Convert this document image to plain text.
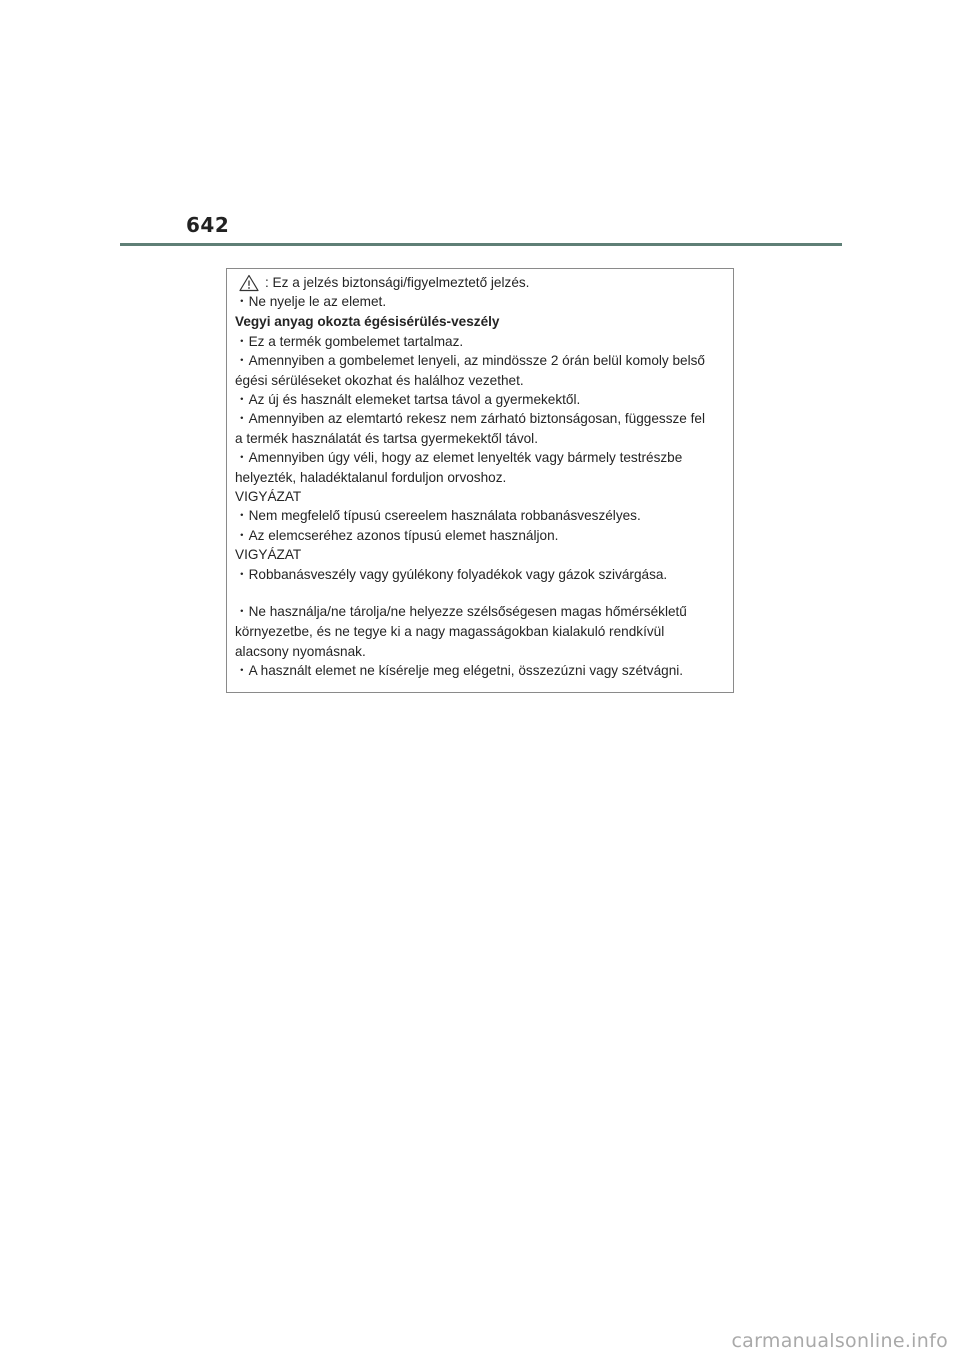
642
: Ez a jelzés biztonsági/figyelmeztető jelzés.
・Ne nyelje le az elemet.
Vegyi anyag okozta égésisérülés-veszély
・Ez a termék gombelemet tartalmaz.
・Amennyiben a gombelemet lenyeli, az mindössze 2 órán belül komoly belső
égési sérüléseket okozhat és halálhoz vezethet.
・Az új és használt elemeket tartsa távol a gyermekektől.
・Amennyiben az elemtartó rekesz nem zárható biztonságosan, függessze fel
a termék használatát és tartsa gyermekektől távol.
・Amennyiben úgy véli, hogy az elemet lenyelték vagy bármely testrészbe
helyezték, haladéktalanul forduljon orvoshoz.
VIGYÁZAT
・Nem megfelelő típusú csereelem használata robbanásveszélyes.
・Az elemcseréhez azonos típusú elemet használjon.
VIGYÁZAT
・Robbanásveszély vagy gyúlékony folyadékok vagy gázok szivárgása.
・Ne használja/ne tárolja/ne helyezze szélsőségesen magas hőmérsékletű
környezetbe, és ne tegye ki a nagy magasságokban kialakuló rendkívül
alacsony nyomásnak.
・A használt elemet ne kísérelje meg elégetni, összezúzni vagy szétvágni.
carmanualsonline.info
